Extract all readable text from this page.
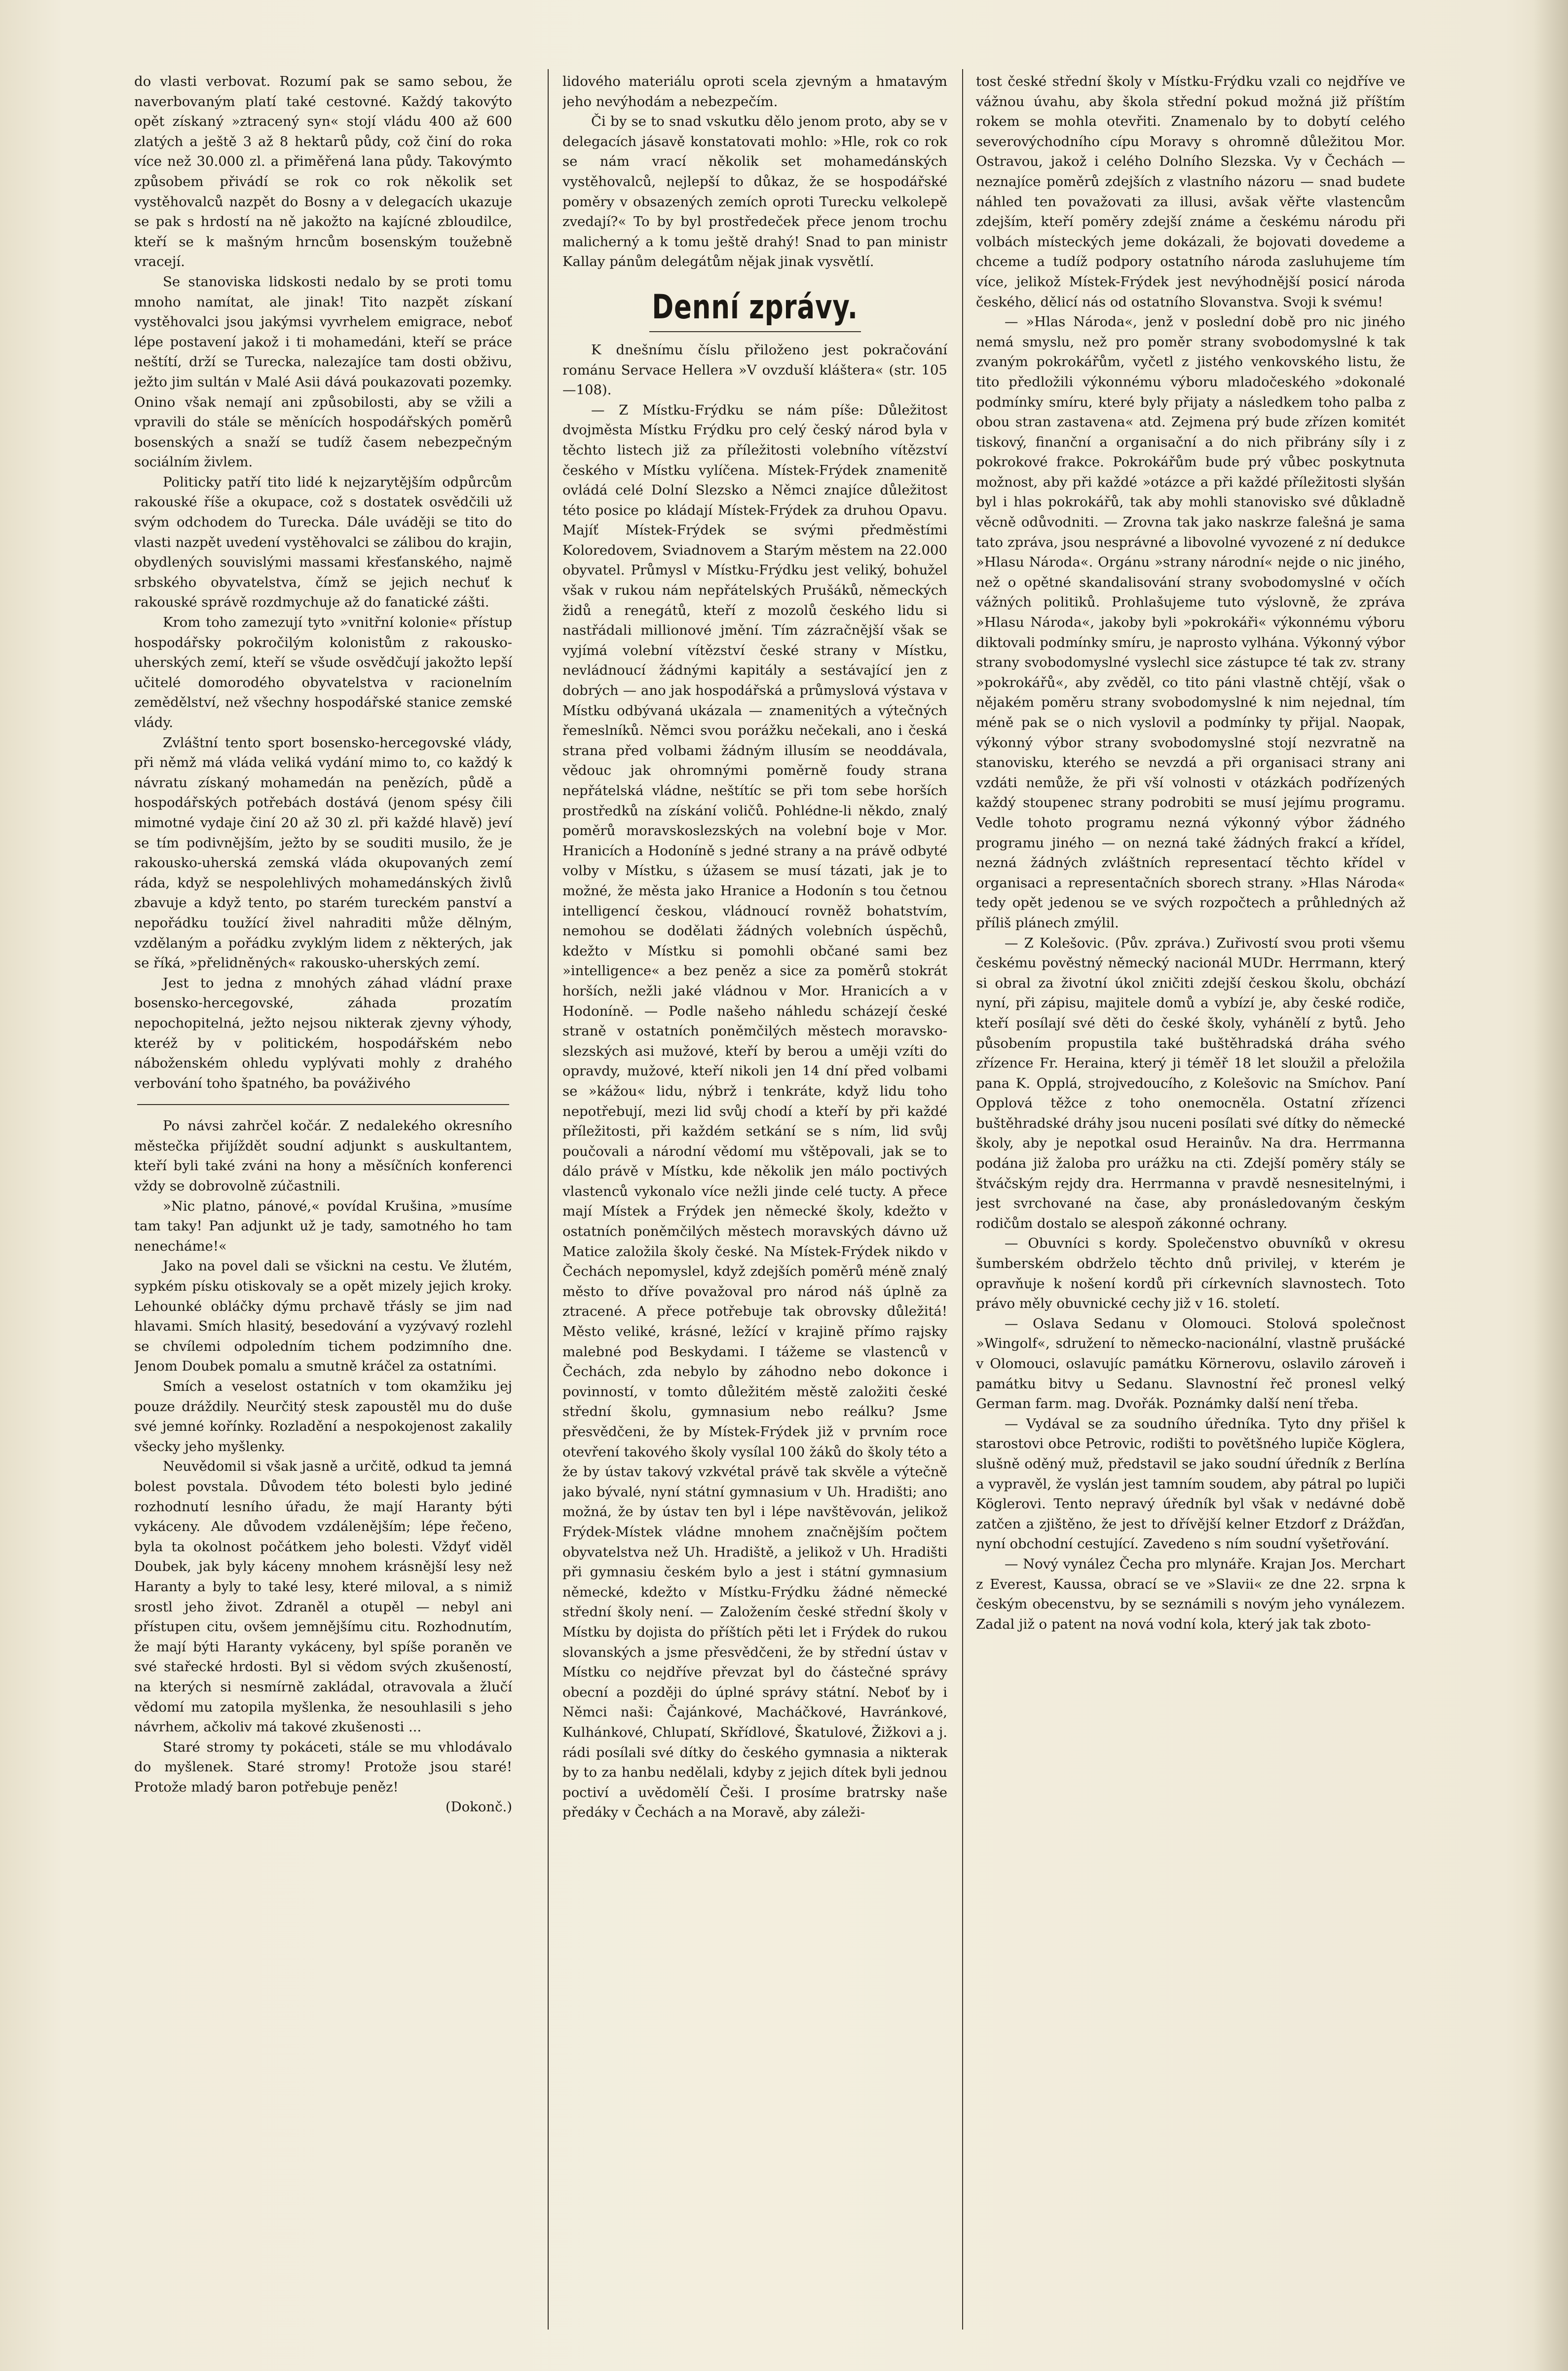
do vlasti verbovat. Rozumí pak se samo sebou, že naverbovaným platí také cestovné. Každý takovýto opět získaný »ztracený syn« stojí vládu 400 až 600 zlatých a ještě 3 až 8 hektarů půdy, což činí do roka více než 30.000 zl. a přiměřená lana půdy. Takovýmto způsobem přivádí se rok co rok několik set vystěhovalců nazpět do Bosny a v delegacích ukazuje se pak s hrdostí na ně jakožto na kajícné zbloudilce, kteří se k mašným hrncům bosenským toužebně vracejí.

Se stanoviska lidskosti nedalo by se proti tomu mnoho namítat, ale jinak! Tito nazpět získaní vystěhovalci jsou jakýmsi vyvrhelem emigrace, neboť lépe postavení jakož i ti mohamedáni, kteří se práce neštítí, drží se Turecka, nalezajíce tam dosti obživu, ježto jim sultán v Malé Asii dává poukazovati pozemky. Onino však nemají ani způsobilosti, aby se vžili a vpravili do stále se měnících hospodářských poměrů bosenských a snaží se tudíž časem nebezpečným sociálním živlem.

Politicky patří tito lidé k nejzarytějším odpůrcům rakouské říše a okupace, což s dostatek osvědčili už svým odchodem do Turecka. Dále uváději se tito do vlasti nazpět uvedení vystěhovalci se zálibou do krajin, obydlených souvislými massami křesťanského, najmě srbského obyvatelstva, čímž se jejich nechuť k rakouské správě rozdmychuje až do fanatické zášti.

Krom toho zamezují tyto »vnitřní kolonie« přístup hospodářsky pokročilým kolonistům z rakousko-uherských zemí, kteří se všude osvědčují jakožto lepší učitelé domorodého obyvatelstva v racionelním zemědělství, než všechny hospodářské stanice zemské vlády.

Zvláštní tento sport bosensko-hercegovské vlády, při němž má vláda veliká vydání mimo to, co každý k návratu získaný mohamedán na penězích, půdě a hospodářských potřebách dostává (jenom spésy čili mimotné vydaje činí 20 až 30 zl. při každé hlavě) jeví se tím podivnějším, ježto by se souditi musilo, že je rakousko-uherská zemská vláda okupovaných zemí ráda, když se nespolehlivých mohamedánských živlů zbavuje a když tento, po starém tureckém panství a nepořádku toužící živel nahraditi může dělným, vzdělaným a pořádku zvyklým lidem z některých, jak se říká, »přelidněných« rakousko-uherských zemí.

Jest to jedna z mnohých záhad vládní praxe bosensko-hercegovské, záhada prozatím nepochopitelná, ježto nejsou nikterak zjevny výhody, kteréž by v politickém, hospodářském nebo náboženském ohledu vyplývati mohly z drahého verbování toho špatného, ba pováživého

Po návsi zahrčel kočár. Z nedalekého okresního městečka přijíždět soudní adjunkt s auskultantem, kteří byli také zváni na hony a měsíčních konferenci vždy se dobrovolně zúčastnili.

»Nic platno, pánové,« povídal Krušina, »musíme tam taky! Pan adjunkt už je tady, samotného ho tam nenecháme!«

Jako na povel dali se všickni na cestu. Ve žlutém, sypkém písku otiskovaly se a opět mizely jejich kroky. Lehounké obláčky dýmu prchavě třásly se jim nad hlavami. Smích hlasitý, besedování a vyzývavý rozlehl se chvílemi odpoledním tichem podzimního dne. Jenom Doubek pomalu a smutně kráčel za ostatními.

Smích a veselost ostatních v tom okamžiku jej pouze dráždily. Neurčitý stesk zapoustěl mu do duše své jemné kořínky. Rozladění a nespokojenost zakalily všecky jeho myšlenky.

Neuvědomil si však jasně a určitě, odkud ta jemná bolest povstala. Důvodem této bolesti bylo jediné rozhodnutí lesního úřadu, že mají Haranty býti vykáceny. Ale důvodem vzdálenějším; lépe řečeno, byla ta okolnost počátkem jeho bolesti. Vždyť viděl Doubek, jak byly káceny mnohem krásnější lesy než Haranty a byly to také lesy, které miloval, a s nimiž srostl jeho život. Zdraněl a otupěl — nebyl ani přístupen citu, ovšem jemnějšímu citu. Rozhodnutím, že mají býti Haranty vykáceny, byl spíše poraněn ve své stařecké hrdosti. Byl si vědom svých zkušeností, na kterých si nesmírně zakládal, otravovala a žlučí vědomí mu zatopila myšlenka, že nesouhlasili s jeho návrhem, ačkoliv má takové zkušenosti ...

Staré stromy ty pokáceti, stále se mu vhlodávalo do myšlenek. Staré stromy! Protože jsou staré! Protože mladý baron potřebuje peněz!

(Dokonč.)

lidového materiálu oproti scela zjevným a hmatavým jeho nevýhodám a nebezpečím.

Či by se to snad vskutku dělo jenom proto, aby se v delegacích jásavě konstatovati mohlo: »Hle, rok co rok se nám vrací několik set mohamedánských vystěhovalců, nejlepší to důkaz, že se hospodářské poměry v obsazených zemích oproti Turecku velkolepě zvedají?« To by byl prostředeček přece jenom trochu malicherný a k tomu ještě drahý! Snad to pan ministr Kallay pánům delegátům nějak jinak vysvětlí.

Denní zprávy.

K dnešnímu číslu přiloženo jest pokračování románu Servace Hellera »V ovzduší kláštera« (str. 105—108).

— Z Místku-Frýdku se nám píše: Důležitost dvojměsta Místku Frýdku pro celý český národ byla v těchto listech již za příležitosti volebního vítězství českého v Místku vylíčena. Místek-Frýdek znamenitě ovládá celé Dolní Slezsko a Němci znajíce důležitost této posice po kládají Místek-Frýdek za druhou Opavu. Majíť Místek-Frýdek se svými předměstími Koloredovem, Sviadnovem a Starým městem na 22.000 obyvatel. Průmysl v Místku-Frýdku jest veliký, bohužel však v rukou nám nepřátelských Prušáků, německých židů a renegátů, kteří z mozolů českého lidu si nastřádali millionové jmění. Tím zázračnější však se vyjímá volební vítězství české strany v Místku, nevládnoucí žádnými kapitály a sestávající jen z dobrých — ano jak hospodářská a průmyslová výstava v Místku odbývaná ukázala — znamenitých a výtečných řemeslníků. Němci svou porážku nečekali, ano i česká strana před volbami žádným illusím se neoddávala, vědouc jak ohromnými poměrně foudy strana nepřátelská vládne, neštítíc se při tom sebe horších prostředků na získání voličů. Pohlédne-li někdo, znalý poměrů moravskoslezských na volební boje v Mor. Hranicích a Hodoníně s jedné strany a na právě odbyté volby v Místku, s úžasem se musí tázati, jak je to možné, že města jako Hranice a Hodonín s tou četnou intelligencí českou, vládnoucí rovněž bohatstvím, nemohou se dodělati žádných volebních úspěchů, kdežto v Místku si pomohli občané sami bez »intelligence« a bez peněz a sice za poměrů stokrát horších, nežli jaké vládnou v Mor. Hranicích a v Hodoníně. — Podle našeho náhledu scházejí české straně v ostatních poněmčilých městech moravsko-slezských asi mužové, kteří by berou a uměji vzíti do opravdy, mužové, kteří nikoli jen 14 dní před volbami se »kážou« lidu, nýbrž i tenkráte, když lidu toho nepotřebují, mezi lid svůj chodí a kteří by při každé příležitosti, při každém setkání se s ním, lid svůj poučovali a národní vědomí mu vštěpovali, jak se to dálo právě v Místku, kde několik jen málo poctivých vlastenců vykonalo více nežli jinde celé tucty. A přece mají Místek a Frýdek jen německé školy, kdežto v ostatních poněmčilých městech moravských dávno už Matice založila školy české. Na Místek-Frýdek nikdo v Čechách nepomyslel, když zdejších poměrů méně znalý město to dříve považoval pro národ náš úplně za ztracené. A přece potřebuje tak obrovsky důležitá! Město veliké, krásné, ležící v krajině přímo rajsky malebné pod Beskydami. I tážeme se vlastenců v Čechách, zda nebylo by záhodno nebo dokonce i povinností, v tomto důležitém městě založiti české střední školu, gymnasium nebo reálku? Jsme přesvědčeni, že by Místek-Frýdek již v prvním roce otevření takového školy vysílal 100 žáků do školy této a že by ústav takový vzkvétal právě tak skvěle a výtečně jako bývalé, nyní státní gymnasium v Uh. Hradišti; ano možná, že by ústav ten byl i lépe navštěvován, jelikož Frýdek-Místek vládne mnohem značnějším počtem obyvatelstva než Uh. Hradiště, a jelikož v Uh. Hradišti při gymnasiu českém bylo a jest i státní gymnasium německé, kdežto v Místku-Frýdku žádné německé střední školy není. — Založením české střední školy v Místku by dojista do příštích pěti let i Frýdek do rukou slovanských a jsme přesvědčeni, že by střední ústav v Místku co nejdříve převzat byl do částečné správy obecní a později do úplné správy státní. Neboť by i Němci naši: Čajánkové, Macháčkové, Havránkové, Kulhánkové, Chlupatí, Skřídlové, Škatulové, Žižkovi a j. rádi posílali své dítky do českého gymnasia a nikterak by to za hanbu nedělali, kdyby z jejich dítek byli jednou poctiví a uvědomělí Češi. I prosíme bratrsky naše předáky v Čechách a na Moravě, aby záleži-

tost české střední školy v Místku-Frýdku vzali co nejdříve ve vážnou úvahu, aby škola střední pokud možná již příštím rokem se mohla otevřiti. Znamenalo by to dobytí celého severovýchodního cípu Moravy s ohromně důležitou Mor. Ostravou, jakož i celého Dolního Slezska. Vy v Čechách — neznajíce poměrů zdejších z vlastního názoru — snad budete náhled ten považovati za illusi, avšak věřte vlastencům zdejším, kteří poměry zdejší známe a českému národu při volbách místeckých jeme dokázali, že bojovati dovedeme a chceme a tudíž podpory ostatního národa zasluhujeme tím více, jelikož Místek-Frýdek jest nevýhodnější posicí národa českého, dělicí nás od ostatního Slovanstva. Svoji k svému!

— »Hlas Národa«, jenž v poslední době pro nic jiného nemá smyslu, než pro poměr strany svobodomyslné k tak zvaným pokrokářům, vyčetl z jistého venkovského listu, že tito předložili výkonnému výboru mladočeského »dokonalé podmínky smíru, které byly přijaty a následkem toho palba z obou stran zastavena« atd. Zejmena prý bude zřízen komitét tiskový, finanční a organisační a do nich přibrány síly i z pokrokové frakce. Pokrokářům bude prý vůbec poskytnuta možnost, aby při každé »otázce a při každé příležitosti slyšán byl i hlas pokrokářů, tak aby mohli stanovisko své důkladně věcně odůvodniti. — Zrovna tak jako naskrze falešná je sama tato zpráva, jsou nesprávné a libovolné vyvozené z ní dedukce »Hlasu Národa«. Orgánu »strany národní« nejde o nic jiného, než o opětné skandalisování strany svobodomyslné v očích vážných politiků. Prohlašujeme tuto výslovně, že zpráva »Hlasu Národa«, jakoby byli »pokrokáři« výkonnému výboru diktovali podmínky smíru, je naprosto vylhána. Výkonný výbor strany svobodomyslné vyslechl sice zástupce té tak zv. strany »pokrokářů«, aby zvěděl, co tito páni vlastně chtějí, však o nějakém poměru strany svobodomyslné k nim nejednal, tím méně pak se o nich vyslovil a podmínky ty přijal. Naopak, výkonný výbor strany svobodomyslné stojí nezvratně na stanovisku, kterého se nevzdá a při organisaci strany ani vzdáti nemůže, že při vší volnosti v otázkách podřízených každý stoupenec strany podrobiti se musí jejímu programu. Vedle tohoto programu nezná výkonný výbor žádného programu jiného — on nezná také žádných frakcí a křídel, nezná žádných zvláštních representací těchto křídel v organisaci a representačních sborech strany. »Hlas Národa« tedy opět jedenou se ve svých rozpočtech a průhledných až příliš plánech zmýlil.

— Z Kolešovic. (Pův. zpráva.) Zuřivostí svou proti všemu českému pověstný německý nacionál MUDr. Herrmann, který si obral za životní úkol zničiti zdejší českou školu, obchází nyní, při zápisu, majitele domů a vybízí je, aby české rodiče, kteří posílají své děti do české školy, vyhánělí z bytů. Jeho působením propustila také buštěhradská dráha svého zřízence Fr. Heraina, který ji téměř 18 let sloužil a přeložila pana K. Opplá, strojvedoucího, z Kolešovic na Smíchov. Paní Opplová těžce z toho onemocněla. Ostatní zřízenci buštěhradské dráhy jsou nuceni posílati své dítky do německé školy, aby je nepotkal osud Herainův. Na dra. Herrmanna podána již žaloba pro urážku na cti. Zdejší poměry stály se štváčským rejdy dra. Herrmanna v pravdě nesnesitelnými, i jest svrchované na čase, aby pronásledovaným českým rodičům dostalo se alespoň zákonné ochrany.

— Obuvníci s kordy. Společenstvo obuvníků v okresu šumberském obdrželo těchto dnů privilej, v kterém je opravňuje k nošení kordů při církevních slavnostech. Toto právo měly obuvnické cechy již v 16. století.

— Oslava Sedanu v Olomouci. Stolová společnost »Wingolf«, sdružení to německo-nacionální, vlastně prušácké v Olomouci, oslavujíc památku Körnerovu, oslavilo zároveň i památku bitvy u Sedanu. Slavnostní řeč pronesl velký German farm. mag. Dvořák. Poznámky další není třeba.

— Vydával se za soudního úředníka. Tyto dny přišel k starostovi obce Petrovic, rodišti to povětšného lupiče Köglera, slušně oděný muž, představil se jako soudní úředník z Berlína a vypravěl, že vyslán jest tamním soudem, aby pátral po lupiči Köglerovi. Tento nepravý úředník byl však v nedávné době zatčen a zjištěno, že jest to dřívější kelner Etzdorf z Drážďan, nyní obchodní cestující. Zavedeno s ním soudní vyšetřování.

— Nový vynález Čecha pro mlynáře. Krajan Jos. Merchart z Everest, Kaussa, obrací se ve »Slavii« ze dne 22. srpna k českým obecenstvu, by se seznámili s novým jeho vynálezem. Zadal již o patent na nová vodní kola, který jak tak zboto-
